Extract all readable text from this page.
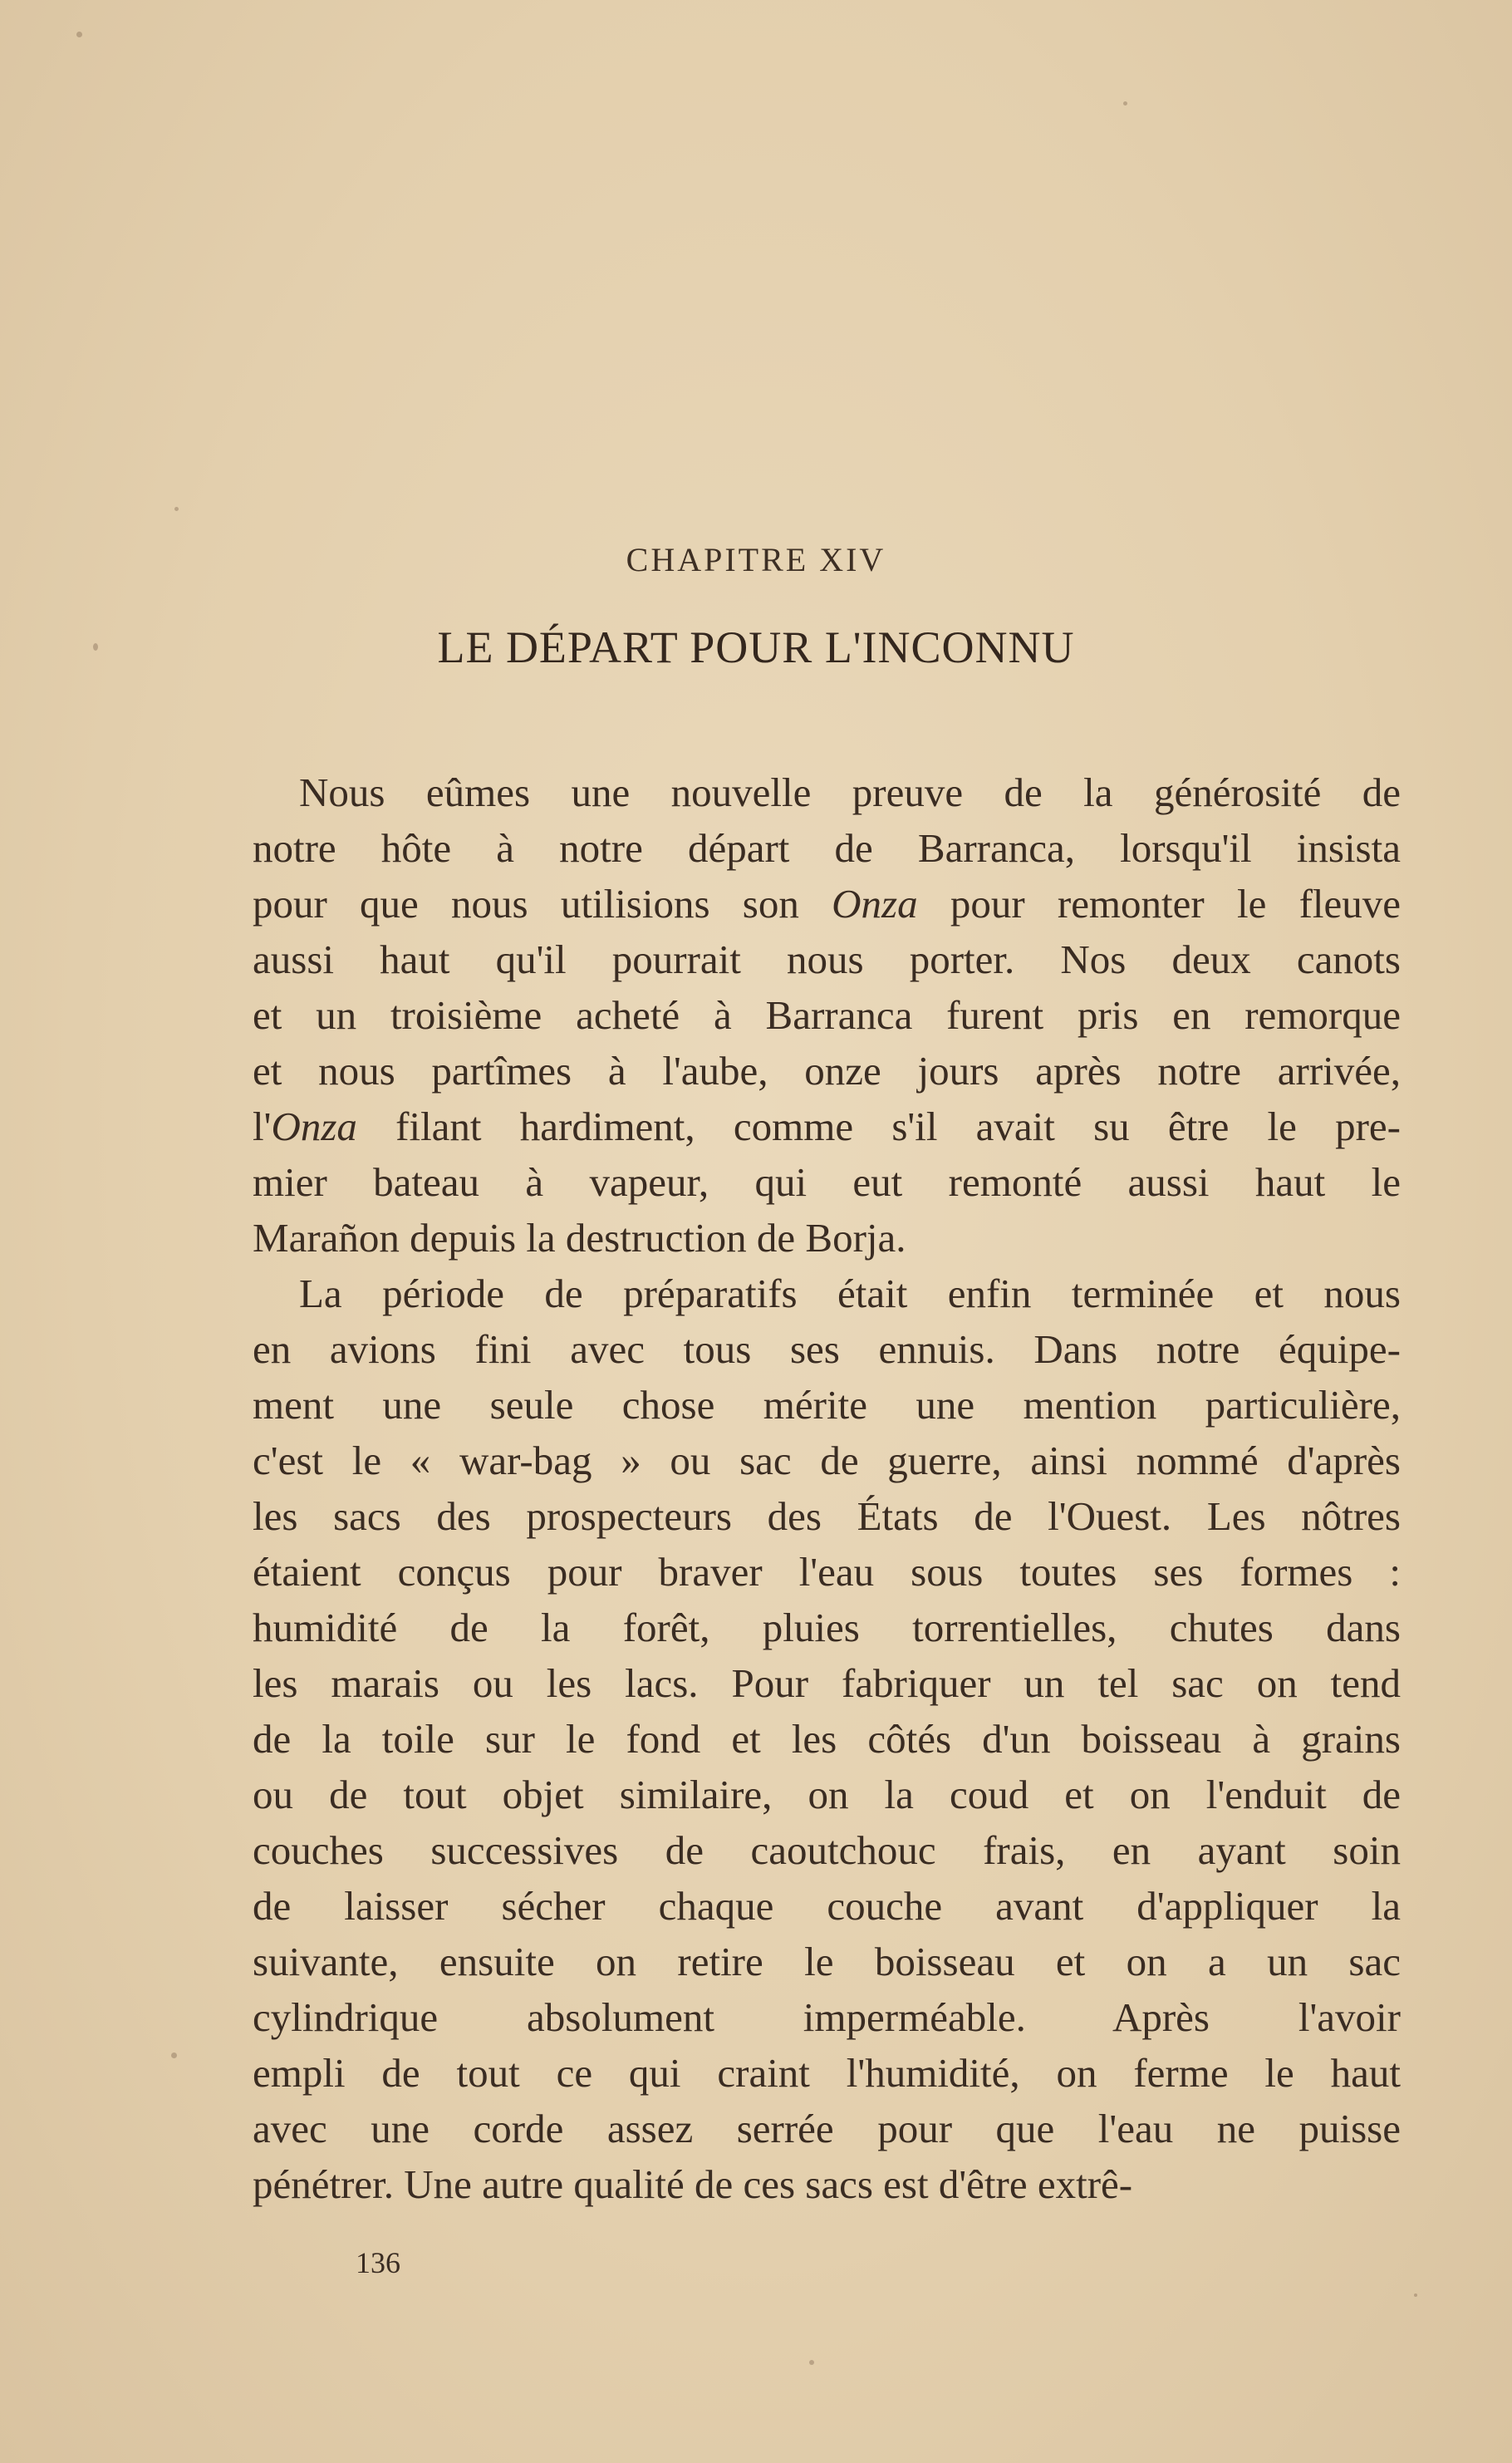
CHAPITRE XIV
LE DÉPART POUR L'INCONNU
Nous eûmes une nouvelle preuve de la générosité de
notre hôte à notre départ de Barranca, lorsqu'il insista
pour que nous utilisions son Onza pour remonter le fleuve
aussi haut qu'il pourrait nous porter. Nos deux canots
et un troisième acheté à Barranca furent pris en remorque
et nous partîmes à l'aube, onze jours après notre arrivée,
l'Onza filant hardiment, comme s'il avait su être le pre-
mier bateau à vapeur, qui eut remonté aussi haut le
Marañon depuis la destruction de Borja.
La période de préparatifs était enfin terminée et nous
en avions fini avec tous ses ennuis. Dans notre équipe-
ment une seule chose mérite une mention particulière,
c'est le « war-bag » ou sac de guerre, ainsi nommé d'après
les sacs des prospecteurs des États de l'Ouest. Les nôtres
étaient conçus pour braver l'eau sous toutes ses formes :
humidité de la forêt, pluies torrentielles, chutes dans
les marais ou les lacs. Pour fabriquer un tel sac on tend
de la toile sur le fond et les côtés d'un boisseau à grains
ou de tout objet similaire, on la coud et on l'enduit de
couches successives de caoutchouc frais, en ayant soin
de laisser sécher chaque couche avant d'appliquer la
suivante, ensuite on retire le boisseau et on a un sac
cylindrique absolument imperméable. Après l'avoir
empli de tout ce qui craint l'humidité, on ferme le haut
avec une corde assez serrée pour que l'eau ne puisse
pénétrer. Une autre qualité de ces sacs est d'être extrê-
136
